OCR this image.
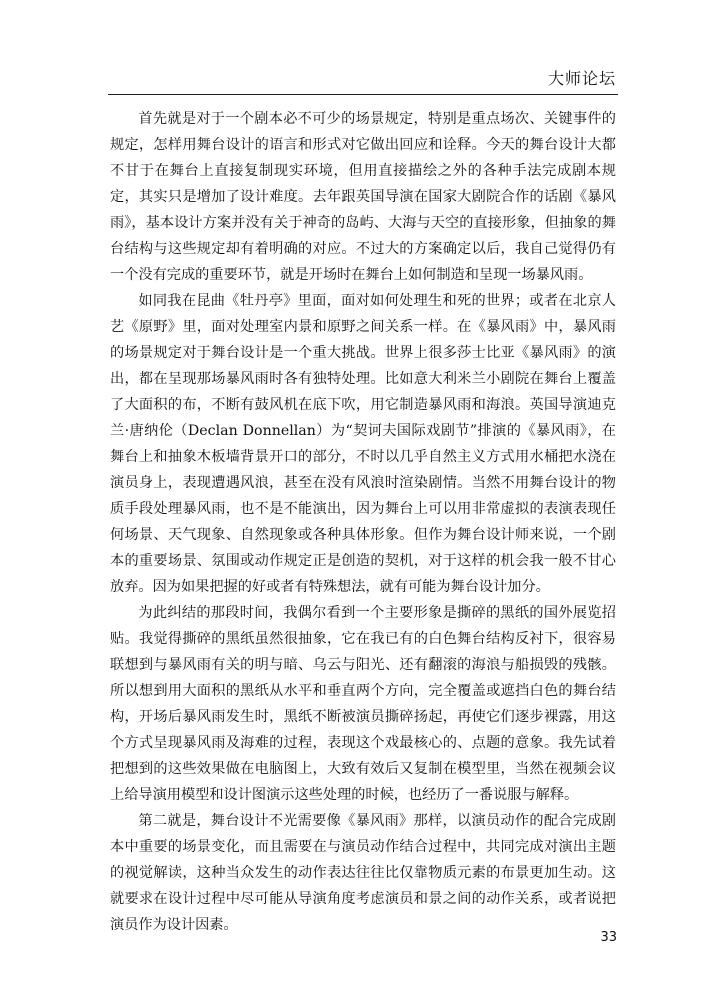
大师论坛

首先就是对于一个剧本必不可少的场景规定，特别是重点场次、关键事件的规定，怎样用舞台设计的语言和形式对它做出回应和诠释。今天的舞台设计大都不甘于在舞台上直接复制现实环境，但用直接描绘之外的各种手法完成剧本规定，其实只是增加了设计难度。去年跟英国导演在国家大剧院合作的话剧《暴风雨》，基本设计方案并没有关于神奇的岛屿、大海与天空的直接形象，但抽象的舞台结构与这些规定却有着明确的对应。不过大的方案确定以后，我自己觉得仍有一个没有完成的重要环节，就是开场时在舞台上如何制造和呈现一场暴风雨。

如同我在昆曲《牡丹亭》里面，面对如何处理生和死的世界；或者在北京人艺《原野》里，面对处理室内景和原野之间关系一样。在《暴风雨》中，暴风雨的场景规定对于舞台设计是一个重大挑战。世界上很多莎士比亚《暴风雨》的演出，都在呈现那场暴风雨时各有独特处理。比如意大利米兰小剧院在舞台上覆盖了大面积的布，不断有鼓风机在底下吹，用它制造暴风雨和海浪。英国导演迪克兰·唐纳伦（Declan Donnellan）为“契诃夫国际戏剧节”排演的《暴风雨》，在舞台上和抽象木板墙背景开口的部分，不时以几乎自然主义方式用水桶把水浇在演员身上，表现遭遇风浪，甚至在没有风浪时渲染剧情。当然不用舞台设计的物质手段处理暴风雨，也不是不能演出，因为舞台上可以用非常虚拟的表演表现任何场景、天气现象、自然现象或各种具体形象。但作为舞台设计师来说，一个剧本的重要场景、氛围或动作规定正是创造的契机，对于这样的机会我一般不甘心放弃。因为如果把握的好或者有特殊想法，就有可能为舞台设计加分。

为此纠结的那段时间，我偶尔看到一个主要形象是撕碎的黑纸的国外展览招贴。我觉得撕碎的黑纸虽然很抽象，它在我已有的白色舞台结构反衬下，很容易联想到与暴风雨有关的明与暗、乌云与阳光、还有翻滚的海浪与船损毁的残骸。所以想到用大面积的黑纸从水平和垂直两个方向，完全覆盖或遮挡白色的舞台结构，开场后暴风雨发生时，黑纸不断被演员撕碎扬起，再使它们逐步裸露，用这个方式呈现暴风雨及海难的过程，表现这个戏最核心的、点题的意象。我先试着把想到的这些效果做在电脑图上，大致有效后又复制在模型里，当然在视频会议上给导演用模型和设计图演示这些处理的时候，也经历了一番说服与解释。

第二就是，舞台设计不光需要像《暴风雨》那样，以演员动作的配合完成剧本中重要的场景变化，而且需要在与演员动作结合过程中，共同完成对演出主题的视觉解读，这种当众发生的动作表达往往比仅靠物质元素的布景更加生动。这就要求在设计过程中尽可能从导演角度考虑演员和景之间的动作关系，或者说把演员作为设计因素。

33
